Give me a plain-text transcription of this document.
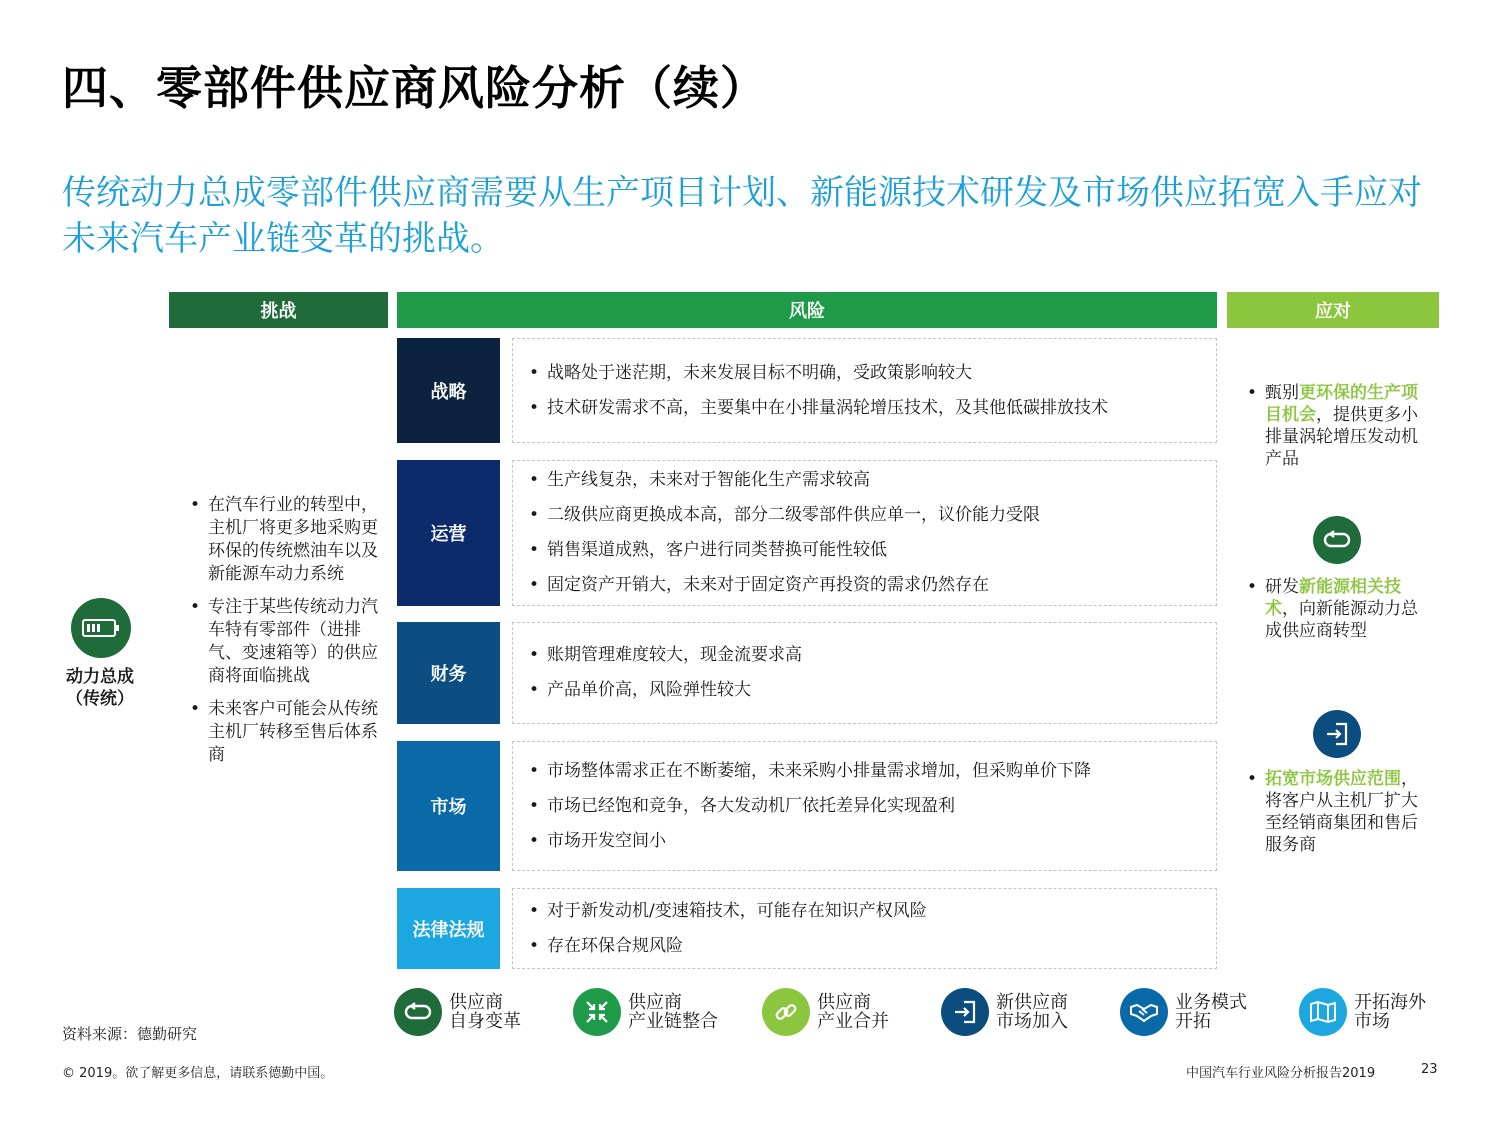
四、零部件供应商风险分析（续）
传统动力总成零部件供应商需要从生产项目计划、新能源技术研发及市场供应拓宽入手应对未来汽车产业链变革的挑战。
挑战	风险	应对
动力总成
（传统）
• 在汽车行业的转型中，主机厂将更多地采购更环保的传统燃油车以及新能源车动力系统
• 专注于某些传统动力汽车特有零部件（进排气、变速箱等）的供应商将面临挑战
• 未来客户可能会从传统主机厂转移至售后体系商
战略
• 战略处于迷茫期，未来发展目标不明确，受政策影响较大
• 技术研发需求不高，主要集中在小排量涡轮增压技术，及其他低碳排放技术
运营
• 生产线复杂，未来对于智能化生产需求较高
• 二级供应商更换成本高，部分二级零部件供应单一，议价能力受限
• 销售渠道成熟，客户进行同类替换可能性较低
• 固定资产开销大，未来对于固定资产再投资的需求仍然存在
财务
• 账期管理难度较大，现金流要求高
• 产品单价高，风险弹性较大
市场
• 市场整体需求正在不断萎缩，未来采购小排量需求增加，但采购单价下降
• 市场已经饱和竞争，各大发动机厂依托差异化实现盈利
• 市场开发空间小
法律法规
• 对于新发动机/变速箱技术，可能存在知识产权风险
• 存在环保合规风险
• 甄别更环保的生产项目机会，提供更多小排量涡轮增压发动机产品
• 研发新能源相关技术，向新能源动力总成供应商转型
• 拓宽市场供应范围，将客户从主机厂扩大至经销商集团和售后服务商
供应商
自身变革
供应商
产业链整合
供应商
产业合并
新供应商
市场加入
业务模式
开拓
开拓海外
市场
资料来源：德勤研究
© 2019。欲了解更多信息，请联系德勤中国。	中国汽车行业风险分析报告2019	23
